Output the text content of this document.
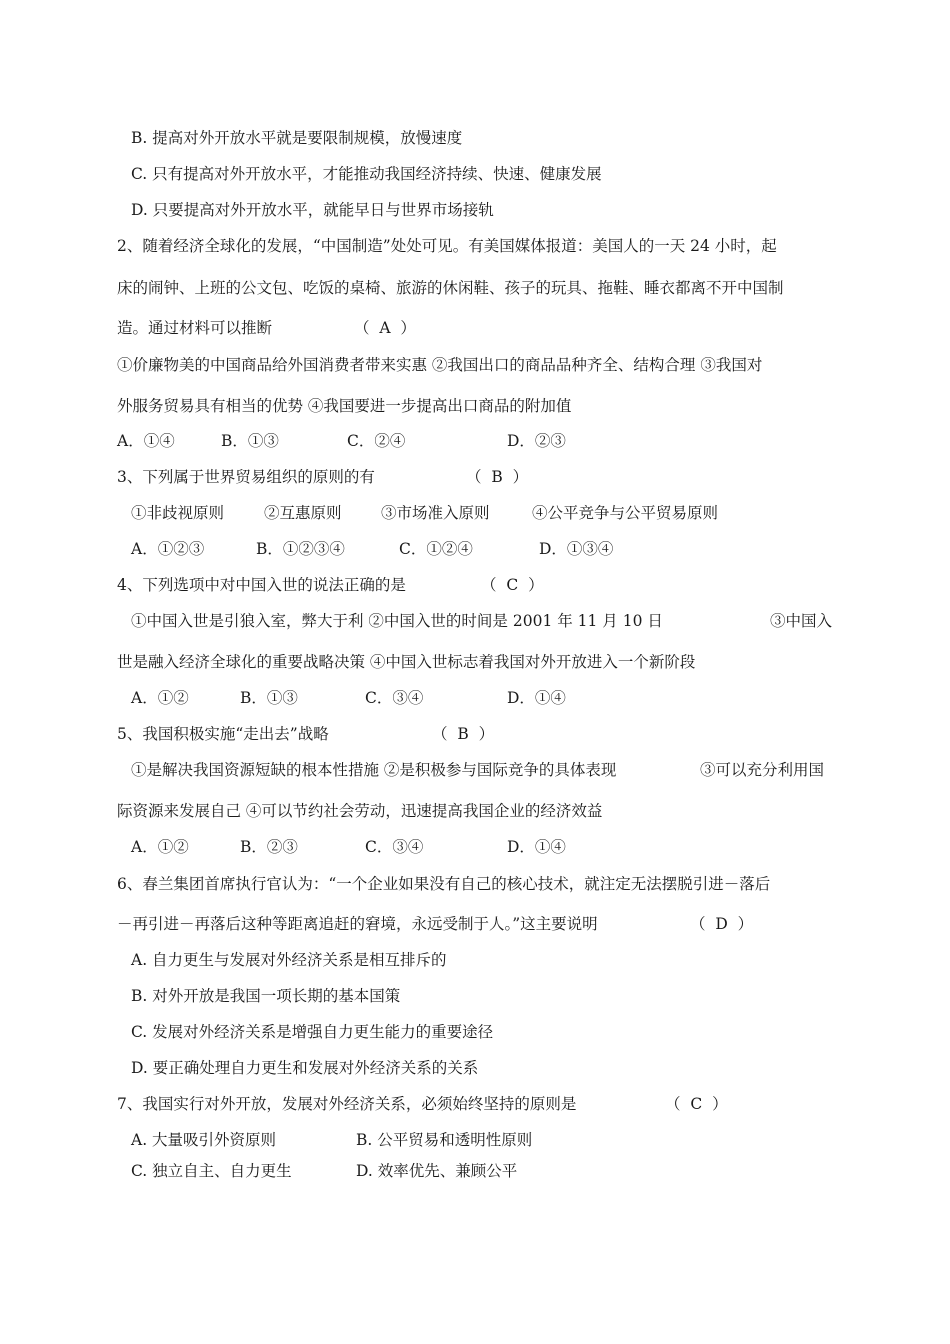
B. 提高对外开放水平就是要限制规模，放慢速度
C. 只有提高对外开放水平，才能推动我国经济持续、快速、健康发展
D. 只要提高对外开放水平，就能早日与世界市场接轨
2、随着经济全球化的发展，“中国制造”处处可见。有美国媒体报道：美国人的一天 24 小时，起
床的闹钟、上班的公文包、吃饭的桌椅、旅游的休闲鞋、孩子的玩具、拖鞋、睡衣都离不开中国制
造。通过材料可以推断	（  A  ）
①价廉物美的中国商品给外国消费者带来实惠 ②我国出口的商品品种齐全、结构合理 ③我国对
外服务贸易具有相当的优势 ④我国要进一步提高出口商品的附加值
A．①④	B．①③	C．②④	D．②③
3、下列属于世界贸易组织的原则的有	（  B  ）
①非歧视原则	②互惠原则	③市场准入原则	④公平竞争与公平贸易原则
A．①②③	B．①②③④	C．①②④	D．①③④
4、下列选项中对中国入世的说法正确的是	（  C  ）
①中国入世是引狼入室，弊大于利 ②中国入世的时间是 2001 年 11 月 10 日	③中国入
世是融入经济全球化的重要战略决策 ④中国入世标志着我国对外开放进入一个新阶段
A．①②	B．①③	C．③④	D．①④
5、我国积极实施“走出去”战略	（  B  ）
①是解决我国资源短缺的根本性措施 ②是积极参与国际竞争的具体表现	③可以充分利用国
际资源来发展自己 ④可以节约社会劳动，迅速提高我国企业的经济效益
A．①②	B．②③	C．③④	D．①④
6、春兰集团首席执行官认为：“一个企业如果没有自己的核心技术，就注定无法摆脱引进－落后
－再引进－再落后这种等距离追赶的窘境，永远受制于人。”这主要说明	（  D  ）
A. 自力更生与发展对外经济关系是相互排斥的
B. 对外开放是我国一项长期的基本国策
C. 发展对外经济关系是增强自力更生能力的重要途径
D. 要正确处理自力更生和发展对外经济关系的关系
7、我国实行对外开放，发展对外经济关系，必须始终坚持的原则是	（  C  ）
A. 大量吸引外资原则	B. 公平贸易和透明性原则
C. 独立自主、自力更生	D. 效率优先、兼顾公平
